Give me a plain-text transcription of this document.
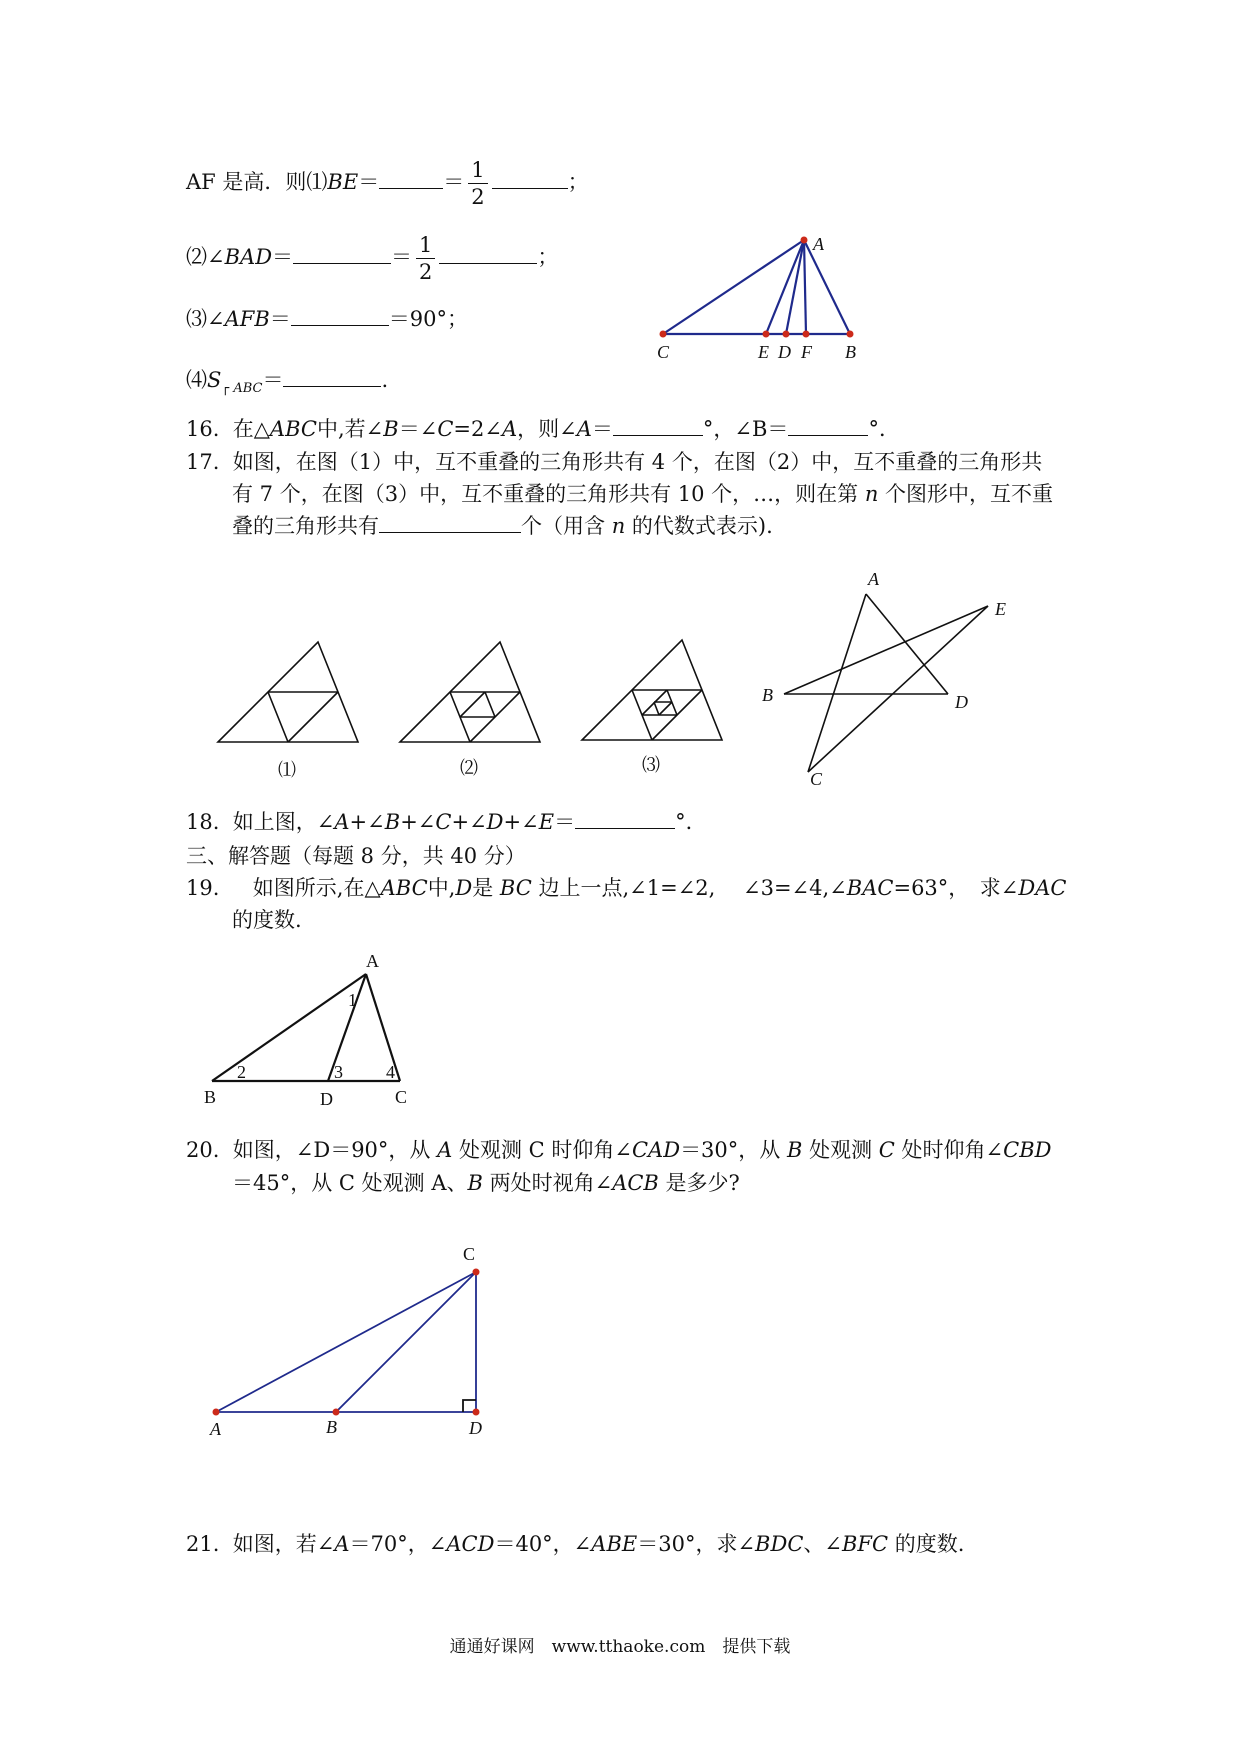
AF 是高．则⑴BE＝	＝ $\frac{1}{2}$	；
⑵∠BAD＝	＝ $\frac{1}{2}$	；
⑶∠AFB＝	＝90°；
$⑷S_{┌ ABC}=$	.
A
C	E D F B
16. 在△ABC中,若∠B＝∠C=2∠A，则∠A＝	°，∠B＝	°．
17. 如图，在图（1）中，互不重叠的三角形共有 4 个，在图（2）中，互不重叠的三角形共
有 7 个，在图（3）中，互不重叠的三角形共有 10 个，…，则在第 n 个图形中，互不重
叠的三角形共有	个（用含 n 的代数式表示).
⑴	⑵	⑶
A
E
B	D
C
18. 如上图，∠A+∠B+∠C+∠D+∠E＝	°．
三、解答题（每题 8 分，共 40 分）
19. 如图所示,在△ABC中,D是 BC 边上一点,∠1=∠2,　 ∠3=∠4,∠BAC=63°，　求∠DAC
的度数.
A
B	D	C
1
2	3 4
20. 如图，∠D＝90°，从 A 处观测 C 时仰角∠CAD＝30°，从 B 处观测 C 处时仰角∠CBD
＝45°，从 C 处观测 A、B 两处时视角∠ACB 是多少?
C
A	B	D
21. 如图，若∠A＝70°，∠ACD＝40°，∠ABE＝30°，求∠BDC、∠BFC 的度数.
通通好课网　www.tthaoke.com　提供下载
